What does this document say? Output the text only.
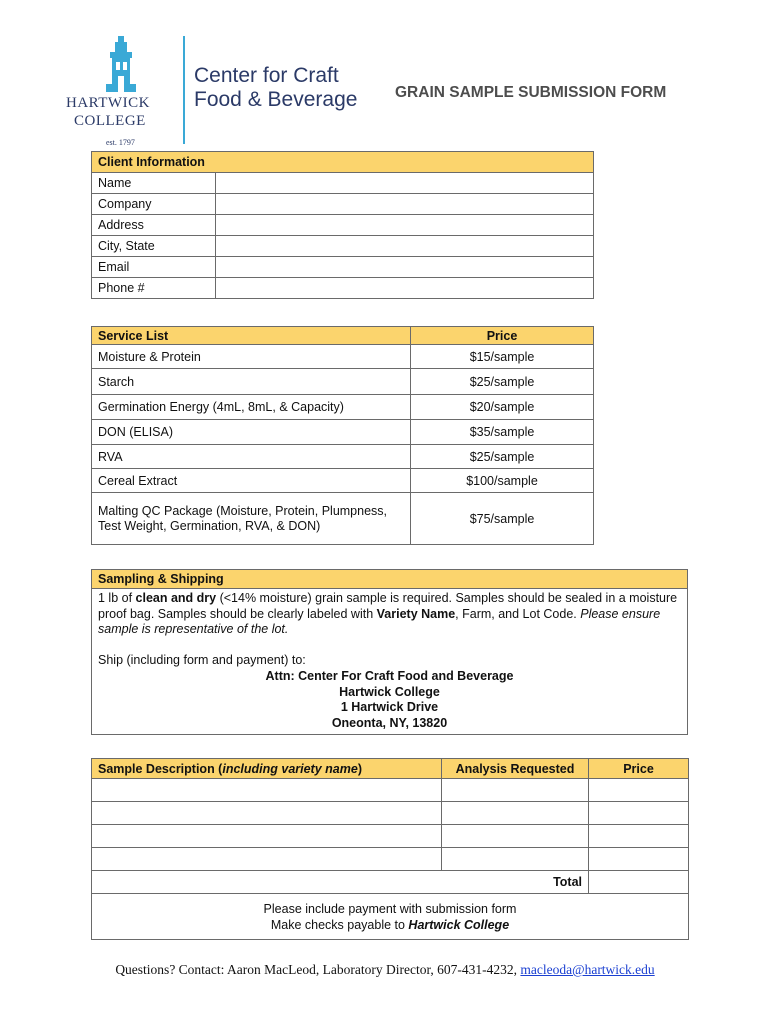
HARTWICK
COLLEGE
est. 1797
Center for Craft
Food & Beverage GRAIN SAMPLE SUBMISSION FORM
Client Information	
Name	
Company	
Address	
City, State	
Email	
Phone #	
Service List	Price
Moisture & Protein	$15/sample
Starch	$25/sample
Germination Energy (4mL, 8mL, & Capacity)	$20/sample
DON (ELISA)	$35/sample
RVA	$25/sample
Cereal Extract	$100/sample
Malting QC Package (Moisture, Protein, Plumpness, Test Weight, Germination, RVA, & DON)	$75/sample
Sampling & Shipping
1 lb of clean and dry (<14% moisture) grain sample is required. Samples should be sealed in a moisture proof bag. Samples should be clearly labeled with Variety Name, Farm, and Lot Code. Please ensure sample is representative of the lot.
Ship (including form and payment) to:
Attn: Center For Craft Food and Beverage
Hartwick College
1 Hartwick Drive
Oneonta, NY, 13820
Sample Description (including variety name)	Analysis Requested	Price

Total		

Please include payment with submission form
Make checks payable to Hartwick College		
Questions? Contact: Aaron MacLeod, Laboratory Director, 607-431-4232, macleoda@hartwick.edu
